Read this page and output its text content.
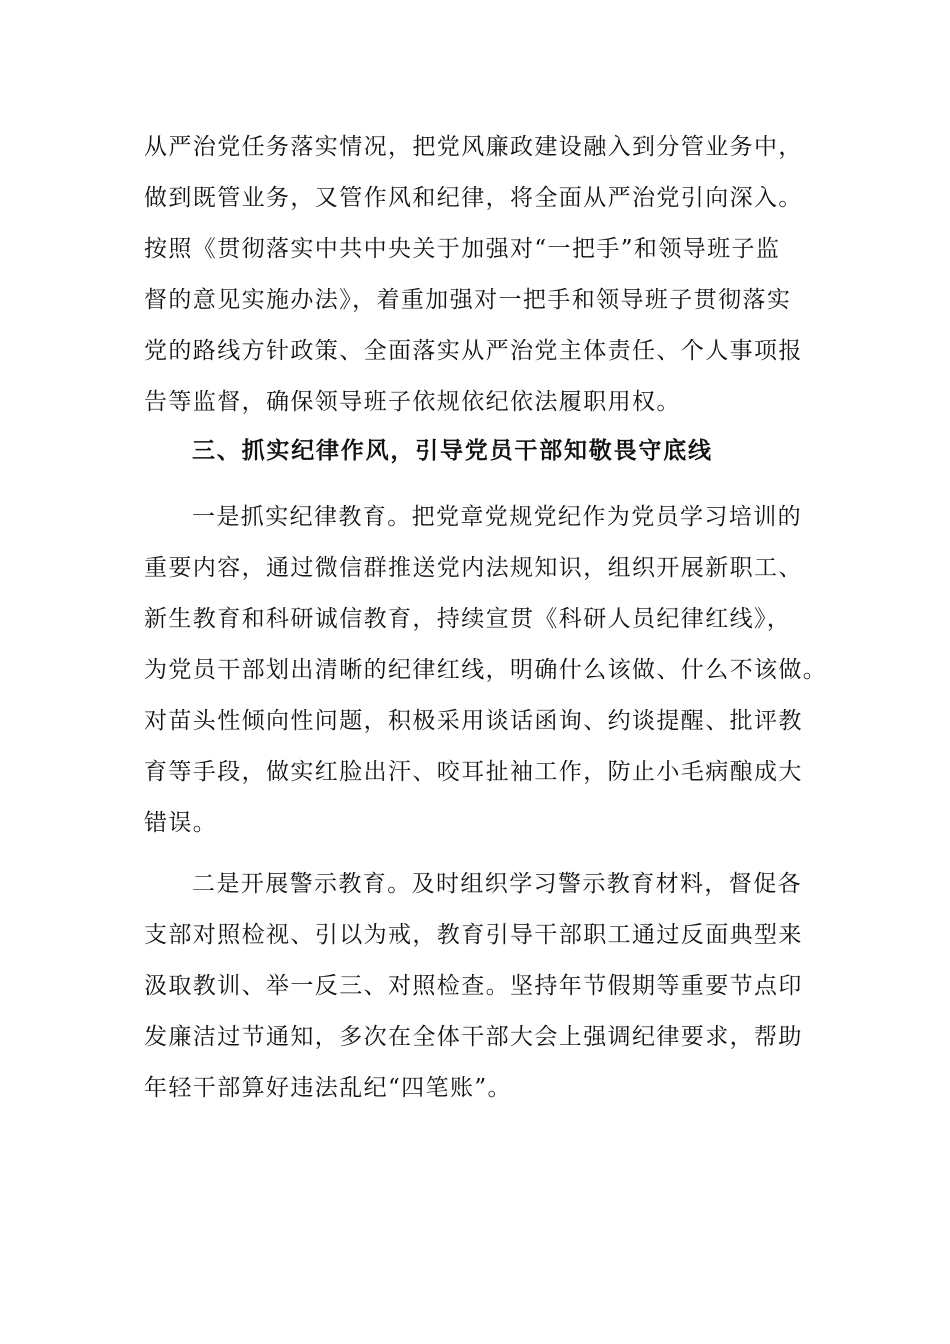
从严治党任务落实情况，把党风廉政建设融入到分管业务中，
做到既管业务，又管作风和纪律，将全面从严治党引向深入。
按照《贯彻落实中共中央关于加强对“一把手”和领导班子监
督的意见实施办法》，着重加强对一把手和领导班子贯彻落实
党的路线方针政策、全面落实从严治党主体责任、个人事项报
告等监督，确保领导班子依规依纪依法履职用权。
三、抓实纪律作风，引导党员干部知敬畏守底线
一是抓实纪律教育。把党章党规党纪作为党员学习培训的
重要内容，通过微信群推送党内法规知识，组织开展新职工、
新生教育和科研诚信教育，持续宣贯《科研人员纪律红线》，
为党员干部划出清晰的纪律红线，明确什么该做、什么不该做。
对苗头性倾向性问题，积极采用谈话函询、约谈提醒、批评教
育等手段，做实红脸出汗、咬耳扯袖工作，防止小毛病酿成大
错误。
二是开展警示教育。及时组织学习警示教育材料，督促各
支部对照检视、引以为戒，教育引导干部职工通过反面典型来
汲取教训、举一反三、对照检查。坚持年节假期等重要节点印
发廉洁过节通知，多次在全体干部大会上强调纪律要求，帮助
年轻干部算好违法乱纪“四笔账”。
